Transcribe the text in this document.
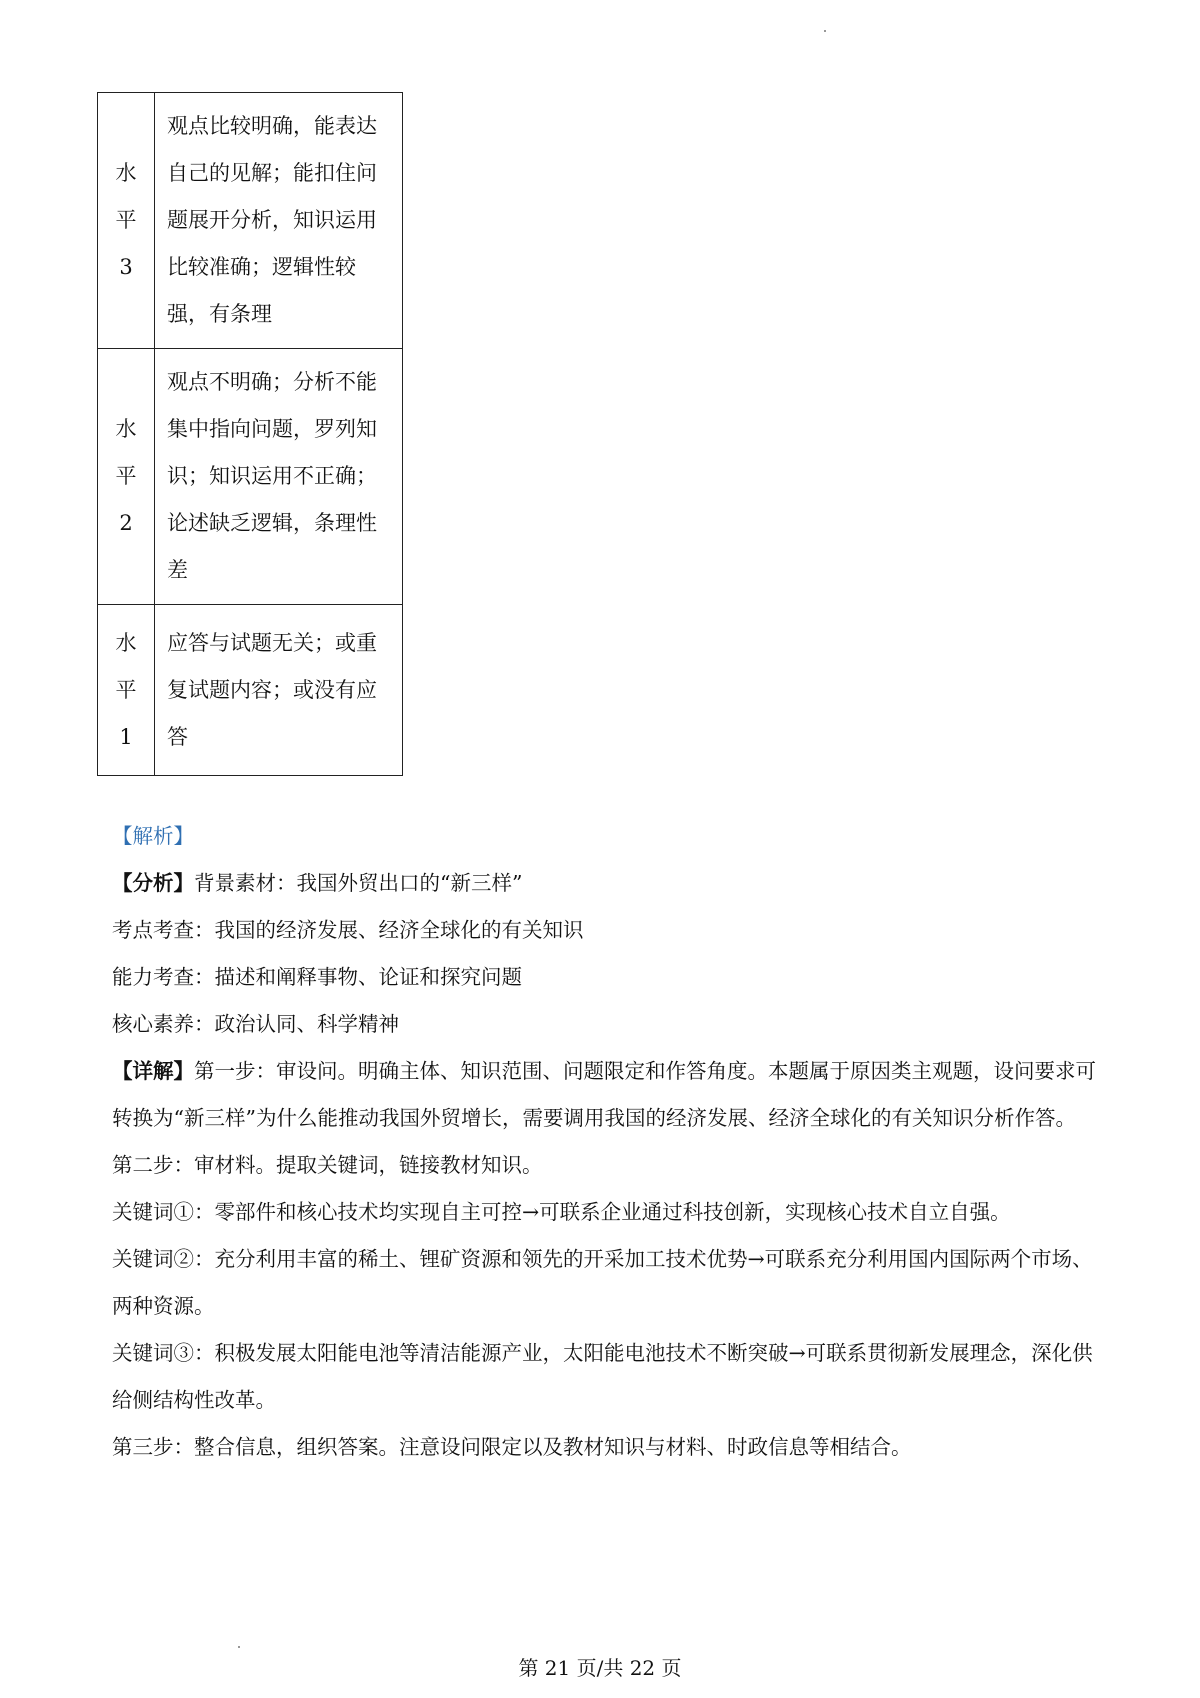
水
平
3	观点比较明确，能表达自己的见解；能扣住问题展开分析，知识运用比较准确；逻辑性较强，有条理

水
平
2	观点不明确；分析不能集中指向问题，罗列知识；知识运用不正确；论述缺乏逻辑，条理性差

水
平
1	应答与试题无关；或重复试题内容；或没有应答

【解析】

【分析】背景素材：我国外贸出口的“新三样”

考点考查：我国的经济发展、经济全球化的有关知识

能力考查：描述和阐释事物、论证和探究问题

核心素养：政治认同、科学精神

【详解】第一步：审设问。明确主体、知识范围、问题限定和作答角度。本题属于原因类主观题，设问要求可转换为“新三样”为什么能推动我国外贸增长，需要调用我国的经济发展、经济全球化的有关知识分析作答。

第二步：审材料。提取关键词，链接教材知识。

关键词①：零部件和核心技术均实现自主可控→可联系企业通过科技创新，实现核心技术自立自强。

关键词②：充分利用丰富的稀土、锂矿资源和领先的开采加工技术优势→可联系充分利用国内国际两个市场、两种资源。

关键词③：积极发展太阳能电池等清洁能源产业，太阳能电池技术不断突破→可联系贯彻新发展理念，深化供给侧结构性改革。

第三步：整合信息，组织答案。注意设问限定以及教材知识与材料、时政信息等相结合。

第 21 页/共 22 页
